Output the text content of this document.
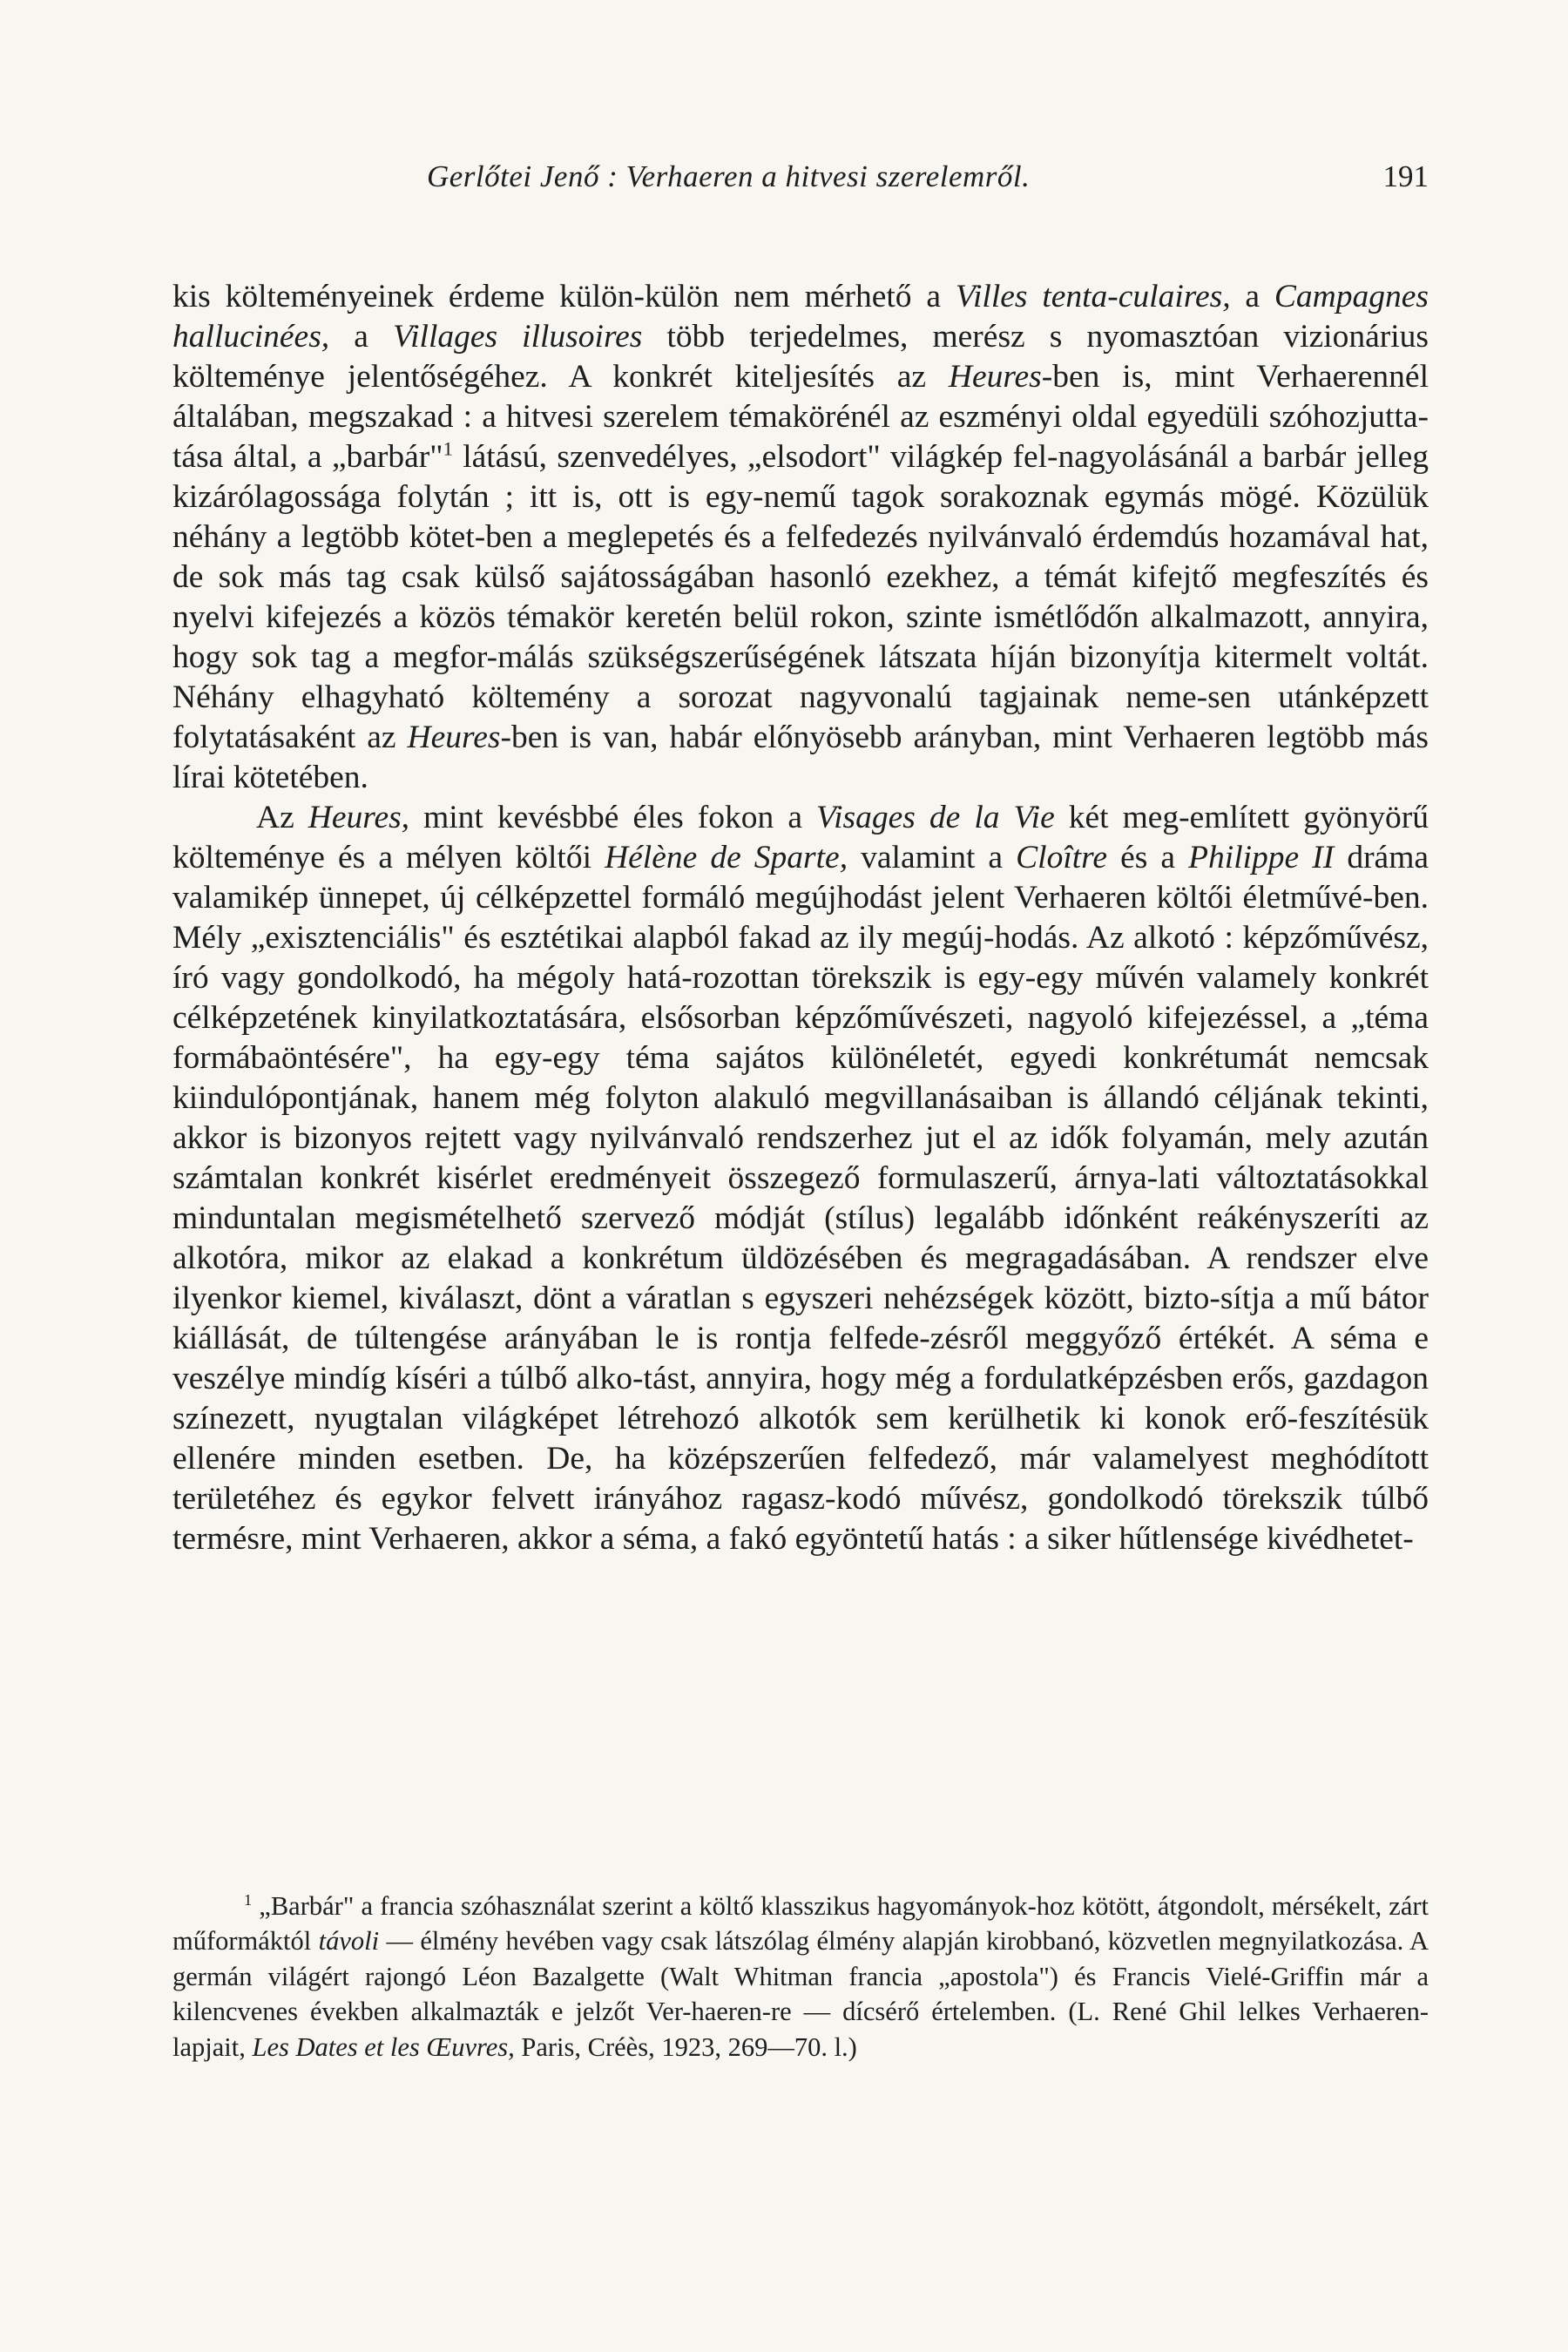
Gerlőtei Jenő : Verhaeren a hitvesi szerelemről.	191

kis költeményeinek érdeme külön-külön nem mérhető a Villes tenta-culaires, a Campagnes hallucinées, a Villages illusoires több terjedelmes, merész s nyomasztóan vizionárius költeménye jelentőségéhez. A konkrét kiteljesítés az Heures-ben is, mint Verhaerennél általában, megszakad : a hitvesi szerelem témakörénél az eszményi oldal egyedüli szóhozjutta-tása által, a „barbár"$^1$ látású, szenvedélyes, „elsodort" világkép fel-nagyolásánál a barbár jelleg kizárólagossága folytán ; itt is, ott is egy-nemű tagok sorakoznak egymás mögé. Közülük néhány a legtöbb kötet-ben a meglepetés és a felfedezés nyilvánvaló érdemdús hozamával hat, de sok más tag csak külső sajátosságában hasonló ezekhez, a témát kifejtő megfeszítés és nyelvi kifejezés a közös témakör keretén belül rokon, szinte ismétlődőn alkalmazott, annyira, hogy sok tag a megfor-málás szükségszerűségének látszata híján bizonyítja kitermelt voltát. Néhány elhagyható költemény a sorozat nagyvonalú tagjainak neme-sen utánképzett folytatásaként az Heures-ben is van, habár előnyösebb arányban, mint Verhaeren legtöbb más lírai kötetében.

Az Heures, mint kevésbbé éles fokon a Visages de la Vie két meg-említett gyönyörű költeménye és a mélyen költői Hélène de Sparte, valamint a Cloître és a Philippe II dráma valamikép ünnepet, új célképzettel formáló megújhodást jelent Verhaeren költői életművé-ben. Mély „exisztenciális" és esztétikai alapból fakad az ily megúj-hodás. Az alkotó : képzőművész, író vagy gondolkodó, ha mégoly hatá-rozottan törekszik is egy-egy művén valamely konkrét célképzetének kinyilatkoztatására, elsősorban képzőművészeti, nagyoló kifejezéssel, a „téma formábaöntésére", ha egy-egy téma sajátos különéletét, egyedi konkrétumát nemcsak kiindulópontjának, hanem még folyton alakuló megvillanásaiban is állandó céljának tekinti, akkor is bizonyos rejtett vagy nyilvánvaló rendszerhez jut el az idők folyamán, mely azután számtalan konkrét kisérlet eredményeit összegező formulaszerű, árnya-lati változtatásokkal minduntalan megismételhető szervező módját (stílus) legalább időnként reákényszeríti az alkotóra, mikor az elakad a konkrétum üldözésében és megragadásában. A rendszer elve ilyenkor kiemel, kiválaszt, dönt a váratlan s egyszeri nehézségek között, bizto-sítja a mű bátor kiállását, de túltengése arányában le is rontja felfede-zésről meggyőző értékét. A séma e veszélye mindíg kíséri a túlbő alko-tást, annyira, hogy még a fordulatképzésben erős, gazdagon színezett, nyugtalan világképet létrehozó alkotók sem kerülhetik ki konok erő-feszítésük ellenére minden esetben. De, ha középszerűen felfedező, már valamelyest meghódított területéhez és egykor felvett irányához ragasz-kodó művész, gondolkodó törekszik túlbő termésre, mint Verhaeren, akkor a séma, a fakó egyöntetű hatás : a siker hűtlensége kivédhetet-

$^1$ „Barbár" a francia szóhasználat szerint a költő klasszikus hagyományok-hoz kötött, átgondolt, mérsékelt, zárt műformáktól távoli — élmény hevében vagy csak látszólag élmény alapján kirobbanó, közvetlen megnyilatkozása. A germán világért rajongó Léon Bazalgette (Walt Whitman francia „apostola") és Francis Vielé-Griffin már a kilencvenes években alkalmazták e jelzőt Ver-haeren-re — dícsérő értelemben. (L. René Ghil lelkes Verhaeren-lapjait, Les Dates et les Œuvres, Paris, Créès, 1923, 269—70. l.)
